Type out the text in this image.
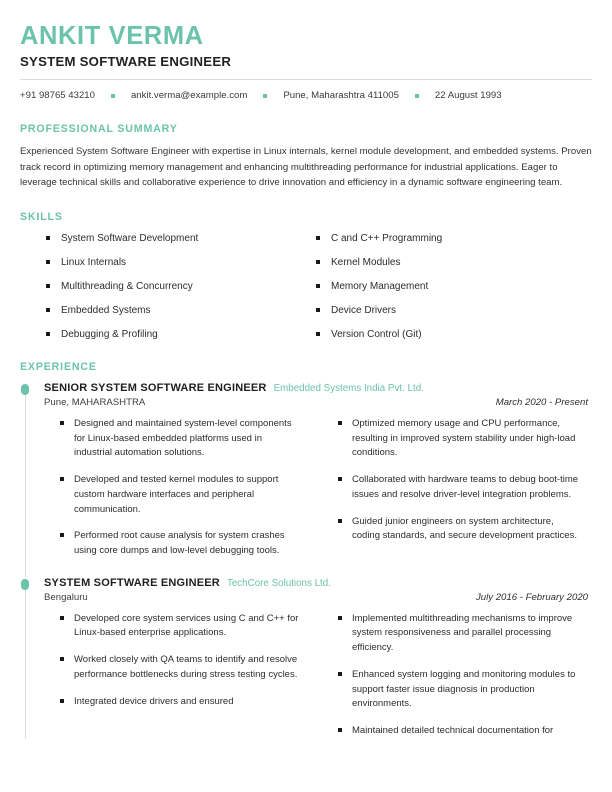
ANKIT VERMA
SYSTEM SOFTWARE ENGINEER
+91 98765 43210	ankit.verma@example.com	Pune, Maharashtra 411005	22 August 1993
PROFESSIONAL SUMMARY

Experienced System Software Engineer with expertise in Linux internals, kernel module development, and embedded systems. Proven track record in optimizing memory management and enhancing multithreading performance for industrial applications. Eager to leverage technical skills and collaborative experience to drive innovation and efficiency in a dynamic software engineering team.

SKILLS
System Software Development
Linux Internals
Multithreading & Concurrency
Embedded Systems
Debugging & Profiling
C and C++ Programming
Kernel Modules
Memory Management
Device Drivers
Version Control (Git)
EXPERIENCE
SENIOR SYSTEM SOFTWARE ENGINEER Embedded Systems India Pvt. Ltd.
Pune, MAHARASHTRA	March 2020 - Present
Designed and maintained system-level components for Linux-based embedded platforms used in industrial automation solutions.
Developed and tested kernel modules to support custom hardware interfaces and peripheral communication.
Performed root cause analysis for system crashes using core dumps and low-level debugging tools.
Optimized memory usage and CPU performance, resulting in improved system stability under high-load conditions.
Collaborated with hardware teams to debug boot-time issues and resolve driver-level integration problems.
Guided junior engineers on system architecture, coding standards, and secure development practices.
SYSTEM SOFTWARE ENGINEER TechCore Solutions Ltd.
Bengaluru	July 2016 - February 2020
Developed core system services using C and C++ for Linux-based enterprise applications.
Worked closely with QA teams to identify and resolve performance bottlenecks during stress testing cycles.
Integrated device drivers and ensured
Implemented multithreading mechanisms to improve system responsiveness and parallel processing efficiency.
Enhanced system logging and monitoring modules to support faster issue diagnosis in production environments.
Maintained detailed technical documentation for
